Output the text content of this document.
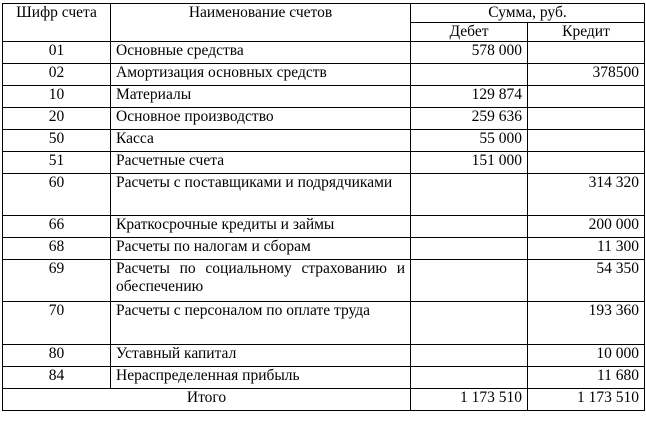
Шифр счета	Наименование счетов	Сумма, руб.	
		Дебет	Кредит
01	Основные средства	578 000	
02	Амортизация основных средств		378500
10	Материалы	129 874	
20	Основное производство	259 636	
50	Касса	55 000	
51	Расчетные счета	151 000	
60	Расчеты с поставщиками и подрядчиками		314 320
66	Краткосрочные кредиты и займы		200 000
68	Расчеты по налогам и сборам		11 300
69	Расчеты по социальному страхованию и обеспечению		54 350
70	Расчеты с персоналом по оплате труда		193 360
80	Уставный капитал		10 000
84	Нераспределенная прибыль		11 680
Итого		1 173 510	1 173 510
